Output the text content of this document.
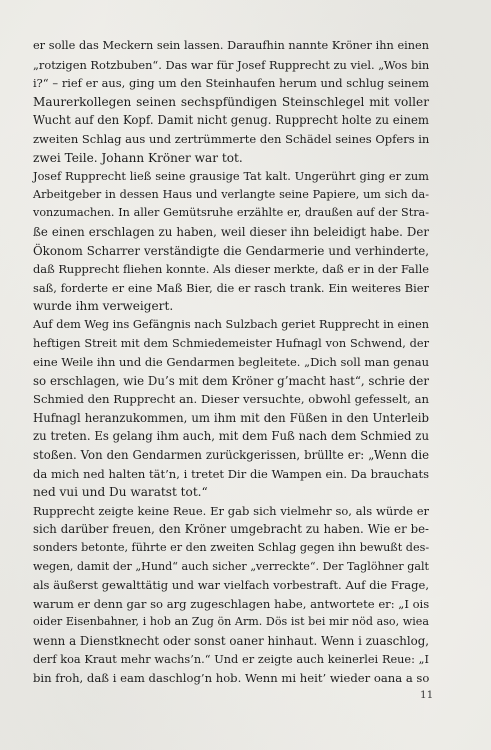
er solle das Meckern sein lassen. Daraufhin nannte Kröner ihn einen
„rotzigen Rotzbuben“. Das war für Josef Rupprecht zu viel. „Wos bin
i?“ – rief er aus, ging um den Steinhaufen herum und schlug seinem
Maurerkollegen seinen sechspfündigen Steinschlegel mit voller
Wucht auf den Kopf. Damit nicht genug. Rupprecht holte zu einem
zweiten Schlag aus und zertrümmerte den Schädel seines Opfers in
zwei Teile. Johann Kröner war tot.
Josef Rupprecht ließ seine grausige Tat kalt. Ungerührt ging er zum
Arbeitgeber in dessen Haus und verlangte seine Papiere, um sich da-
vonzumachen. In aller Gemütsruhe erzählte er, draußen auf der Stra-
ße einen erschlagen zu haben, weil dieser ihn beleidigt habe. Der
Ökonom Scharrer verständigte die Gendarmerie und verhinderte,
daß Rupprecht fliehen konnte. Als dieser merkte, daß er in der Falle
saß, forderte er eine Maß Bier, die er rasch trank. Ein weiteres Bier
wurde ihm verweigert.
Auf dem Weg ins Gefängnis nach Sulzbach geriet Rupprecht in einen
heftigen Streit mit dem Schmiedemeister Hufnagl von Schwend, der
eine Weile ihn und die Gendarmen begleitete. „Dich soll man genau
so erschlagen, wie Du’s mit dem Kröner g’macht hast“, schrie der
Schmied den Rupprecht an. Dieser versuchte, obwohl gefesselt, an
Hufnagl heranzukommen, um ihm mit den Füßen in den Unterleib
zu treten. Es gelang ihm auch, mit dem Fuß nach dem Schmied zu
stoßen. Von den Gendarmen zurückgerissen, brüllte er: „Wenn die
da mich ned halten tät’n, i tretet Dir die Wampen ein. Da brauchats
ned vui und Du waratst tot.“
Rupprecht zeigte keine Reue. Er gab sich vielmehr so, als würde er
sich darüber freuen, den Kröner umgebracht zu haben. Wie er be-
sonders betonte, führte er den zweiten Schlag gegen ihn bewußt des-
wegen, damit der „Hund“ auch sicher „verreckte“. Der Taglöhner galt
als äußerst gewalttätig und war vielfach vorbestraft. Auf die Frage,
warum er denn gar so arg zugeschlagen habe, antwortete er: „I ois
oider Eisenbahner, i hob an Zug ön Arm. Dös ist bei mir nöd aso, wiea
wenn a Dienstknecht oder sonst oaner hinhaut. Wenn i zuaschlog,
derf koa Kraut mehr wachs’n.“ Und er zeigte auch keinerlei Reue: „I
bin froh, daß i eam daschlog’n hob. Wenn mi heit’ wieder oana a so
11
